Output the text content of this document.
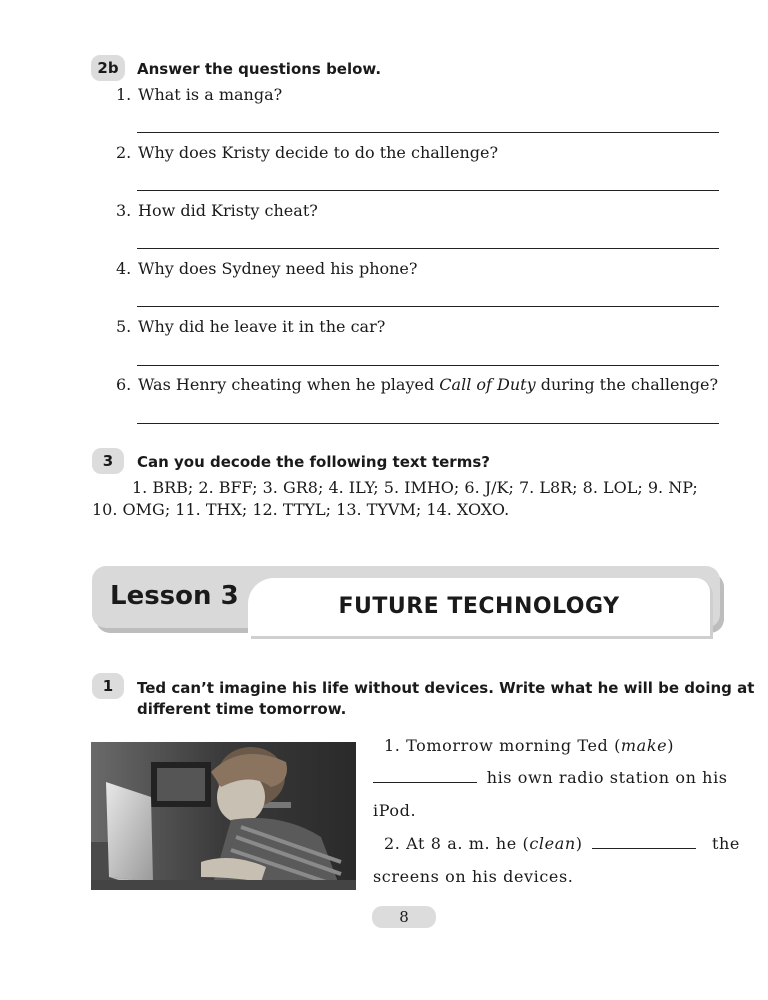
2b	Answer the questions below.
1. What is a manga?
2. Why does Kristy decide to do the challenge?
3. How did Kristy cheat?
4. Why does Sydney need his phone?
5. Why did he leave it in the car?
6. Was Henry cheating when he played Call of Duty during the challenge?
3	Can you decode the following text terms?
1. BRB; 2. BFF; 3. GR8; 4. ILY; 5. IMHO; 6. J/K; 7. L8R; 8. LOL; 9. NP;
10. OMG; 11. THX; 12. TTYL; 13. TYVM; 14. XOXO.
Lesson 3	FUTURE TECHNOLOGY
1	Ted can’t imagine his life without devices. Write what he will be doing at
different time tomorrow.
1. Tomorrow morning Ted (make)
his own radio station on his
iPod.
2. At 8 a. m. he (clean)	the
screens on his devices.
8
